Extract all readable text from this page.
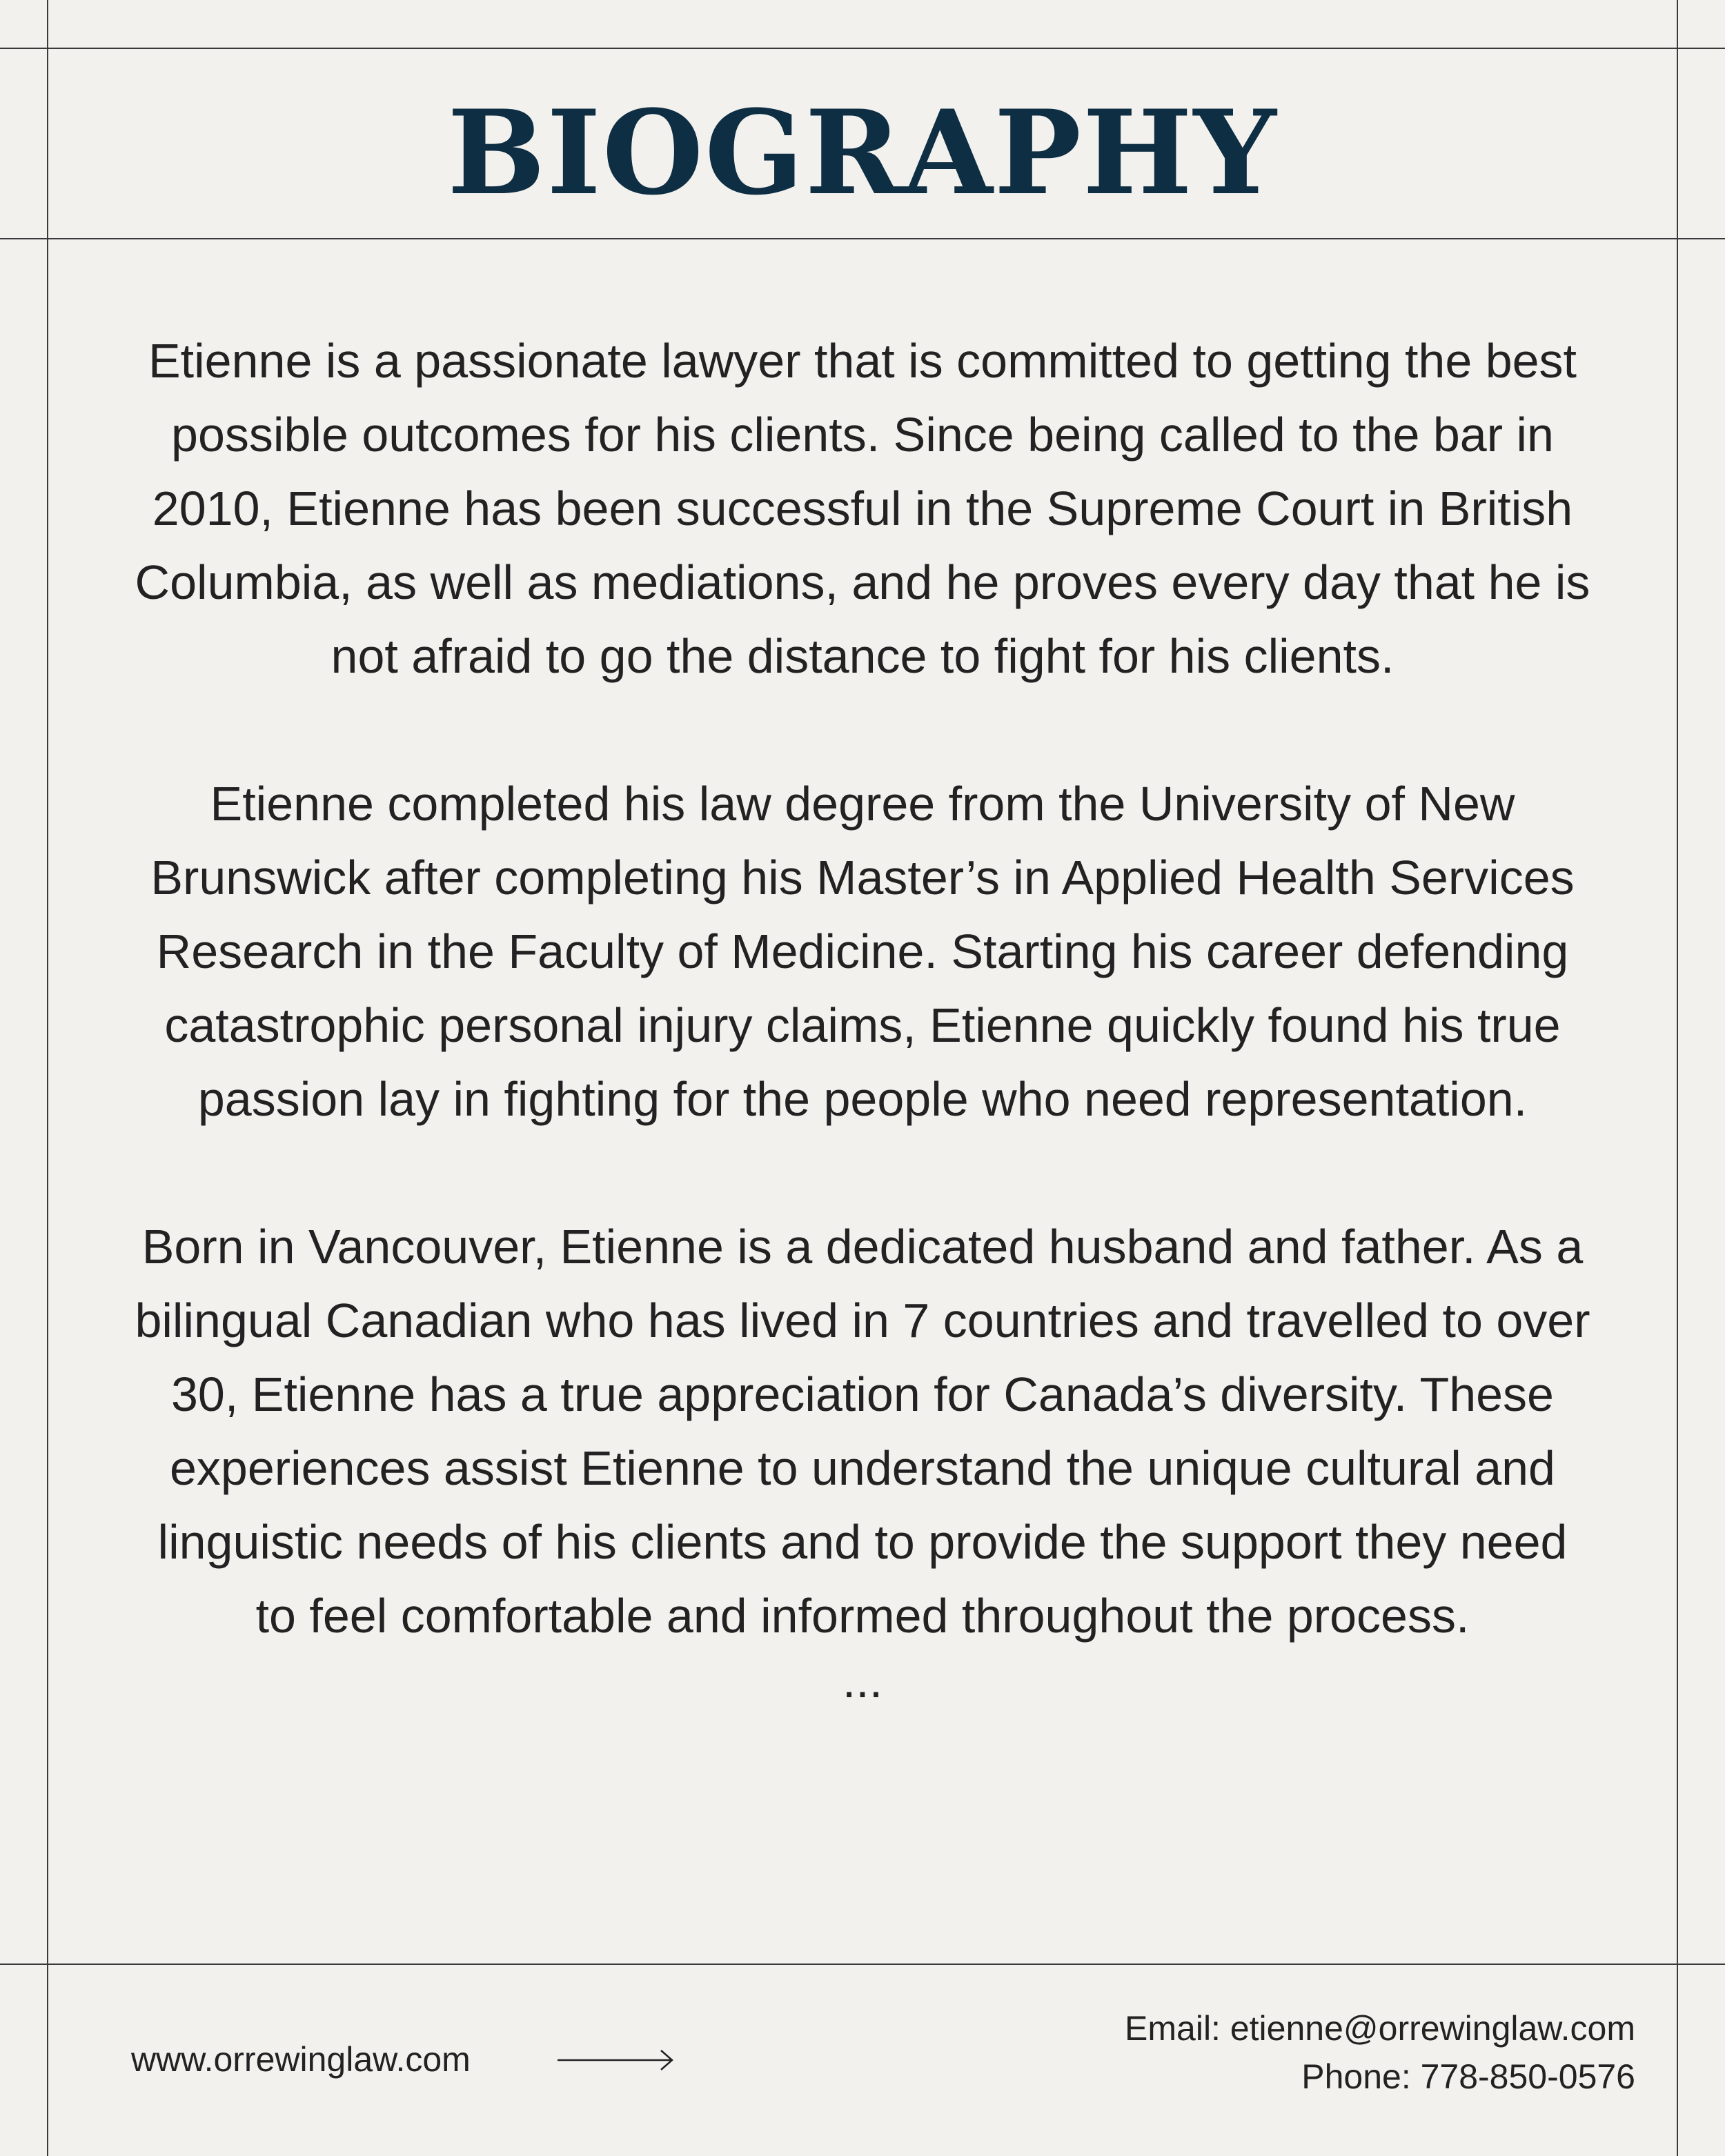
BIOGRAPHY

Etienne is a passionate lawyer that is committed to getting the best possible outcomes for his clients. Since being called to the bar in 2010, Etienne has been successful in the Supreme Court in British Columbia, as well as mediations, and he proves every day that he is not afraid to go the distance to fight for his clients.

Etienne completed his law degree from the University of New Brunswick after completing his Master’s in Applied Health Services Research in the Faculty of Medicine. Starting his career defending catastrophic personal injury claims, Etienne quickly found his true passion lay in fighting for the people who need representation.

Born in Vancouver, Etienne is a dedicated husband and father. As a bilingual Canadian who has lived in 7 countries and travelled to over 30, Etienne has a true appreciation for Canada’s diversity. These experiences assist Etienne to understand the unique cultural and linguistic needs of his clients and to provide the support they need to feel comfortable and informed throughout the process.

...
www.orrewinglaw.com
Email: etienne@orrewinglaw.com
Phone: 778-850-0576
